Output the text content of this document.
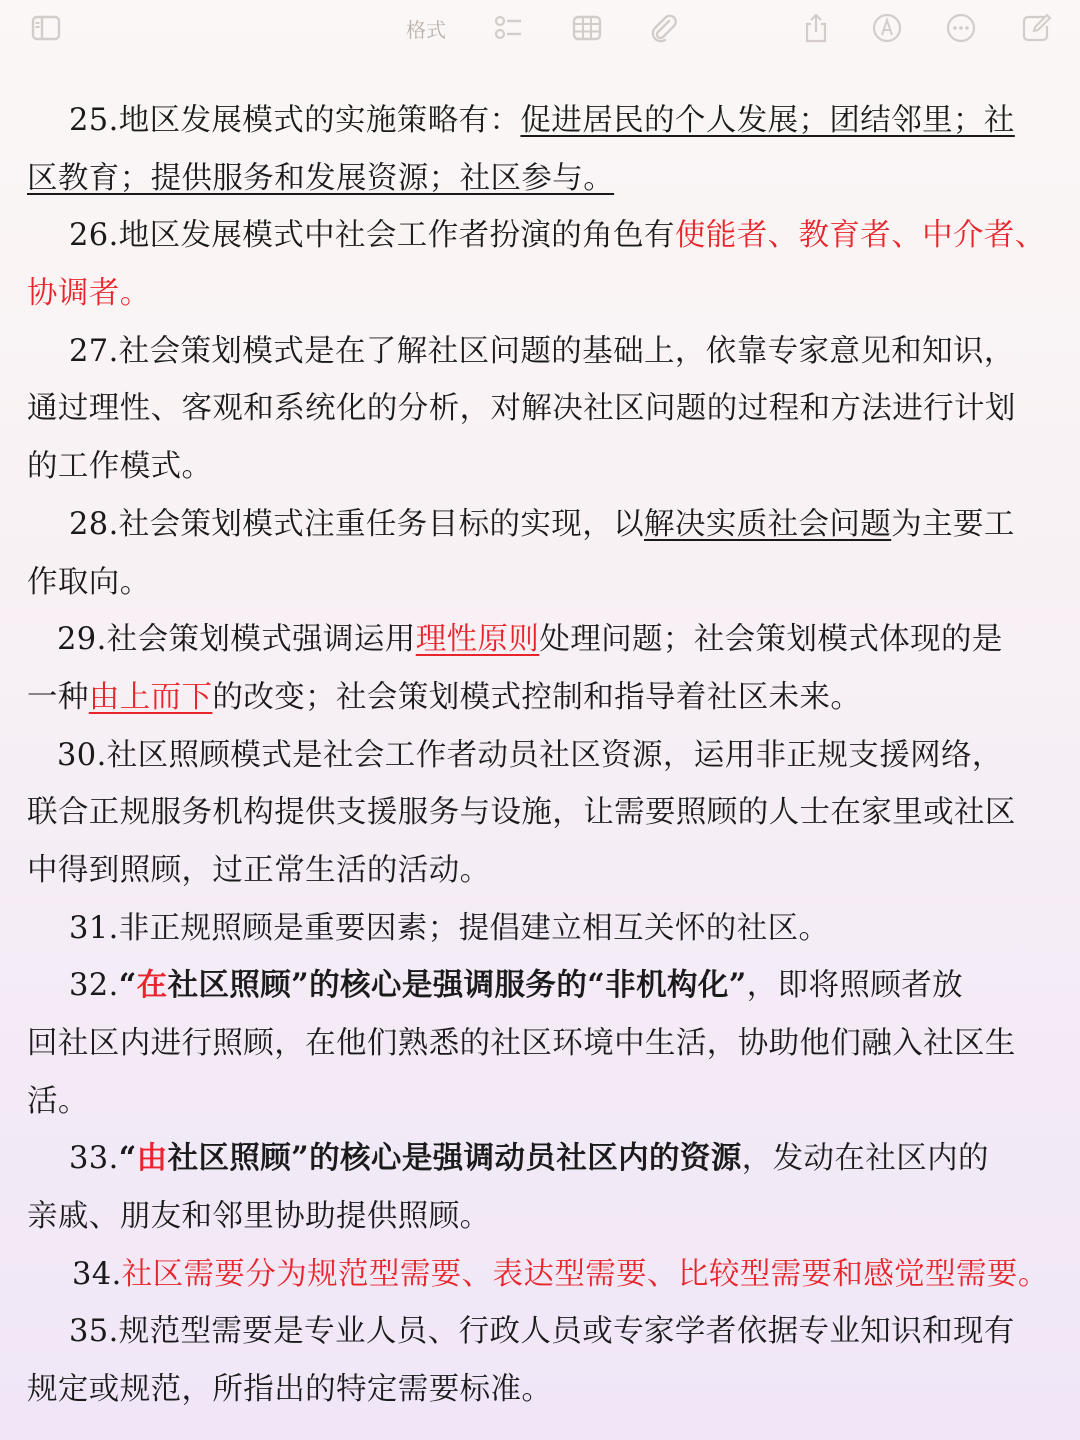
格式
25.地区发展模式的实施策略有：促进居民的个人发展；团结邻里；社
区教育；提供服务和发展资源；社区参与。
26.地区发展模式中社会工作者扮演的角色有使能者、教育者、中介者、
协调者。
27.社会策划模式是在了解社区问题的基础上，依靠专家意见和知识，
通过理性、客观和系统化的分析，对解决社区问题的过程和方法进行计划
的工作模式。
28.社会策划模式注重任务目标的实现，以解决实质社会问题为主要工
作取向。
29.社会策划模式强调运用理性原则处理问题；社会策划模式体现的是
一种由上而下的改变；社会策划模式控制和指导着社区未来。
30.社区照顾模式是社会工作者动员社区资源，运用非正规支援网络，
联合正规服务机构提供支援服务与设施，让需要照顾的人士在家里或社区
中得到照顾，过正常生活的活动。
31.非正规照顾是重要因素；提倡建立相互关怀的社区。
32.“在社区照顾”的核心是强调服务的“非机构化”，即将照顾者放
回社区内进行照顾，在他们熟悉的社区环境中生活，协助他们融入社区生
活。
33.“由社区照顾”的核心是强调动员社区内的资源，发动在社区内的
亲戚、朋友和邻里协助提供照顾。
34.社区需要分为规范型需要、表达型需要、比较型需要和感觉型需要。
35.规范型需要是专业人员、行政人员或专家学者依据专业知识和现有
规定或规范，所指出的特定需要标准。
